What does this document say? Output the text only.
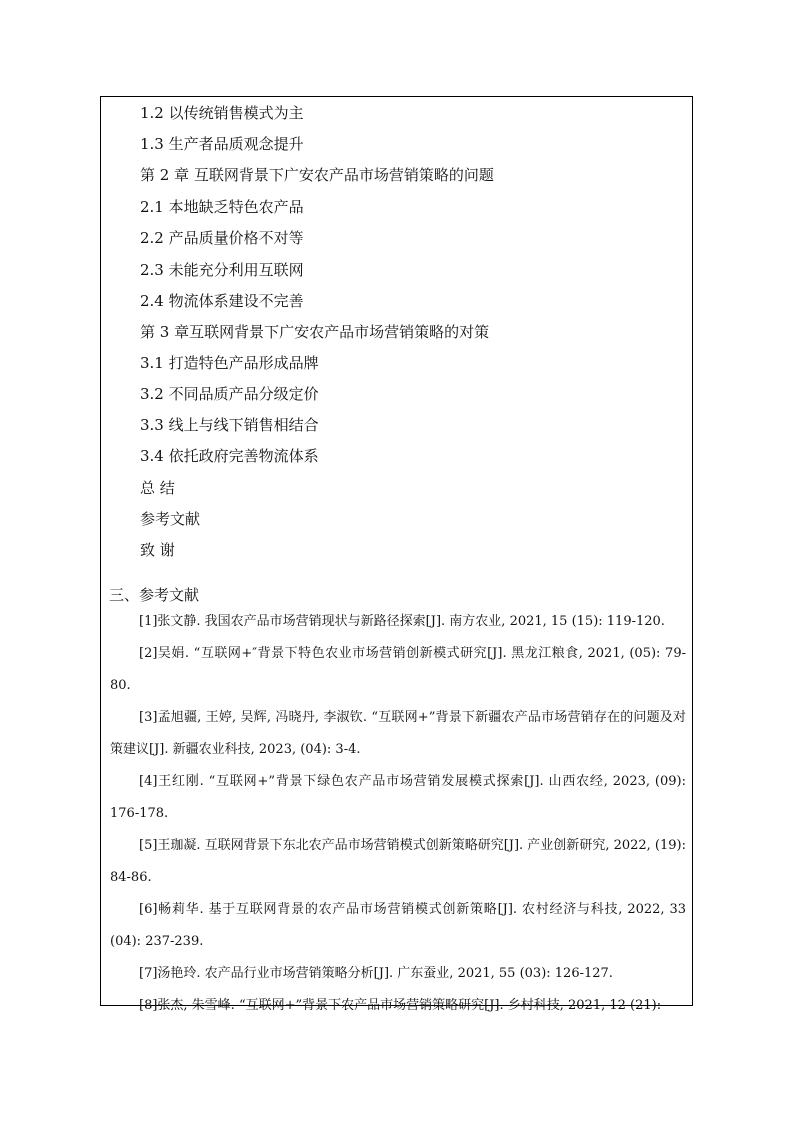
1.2 以传统销售模式为主
1.3 生产者品质观念提升
第 2 章 互联网背景下广安农产品市场营销策略的问题
2.1 本地缺乏特色农产品
2.2 产品质量价格不对等
2.3 未能充分利用互联网
2.4 物流体系建设不完善
第 3 章互联网背景下广安农产品市场营销策略的对策
3.1 打造特色产品形成品牌
3.2 不同品质产品分级定价
3.3 线上与线下销售相结合
3.4 依托政府完善物流体系
总 结
参考文献
致 谢
三、参考文献

[1]张文静. 我国农产品市场营销现状与新路径探索[J]. 南方农业, 2021, 15 (15): 119-120.

[2]吴娟. “互联网+″背景下特色农业市场营销创新模式研究[J]. 黑龙江粮食, 2021, (05): 79-80.

[3]孟旭疆, 王婷, 吴辉, 冯晓丹, 李淑钦. “互联网+”背景下新疆农产品市场营销存在的问题及对策建议[J]. 新疆农业科技, 2023, (04): 3-4.

[4]王红刚. “互联网+”背景下绿色农产品市场营销发展模式探索[J]. 山西农经, 2023, (09): 176-178.

[5]王珈凝. 互联网背景下东北农产品市场营销模式创新策略研究[J]. 产业创新研究, 2022, (19): 84-86.

[6]畅莉华. 基于互联网背景的农产品市场营销模式创新策略[J]. 农村经济与科技, 2022, 33 (04): 237-239.

[7]汤艳玲. 农产品行业市场营销策略分析[J]. 广东蚕业, 2021, 55 (03): 126-127.

[8]张杰, 朱雪峰. “互联网+”背景下农产品市场营销策略研究[J]. 乡村科技, 2021, 12 (21):
